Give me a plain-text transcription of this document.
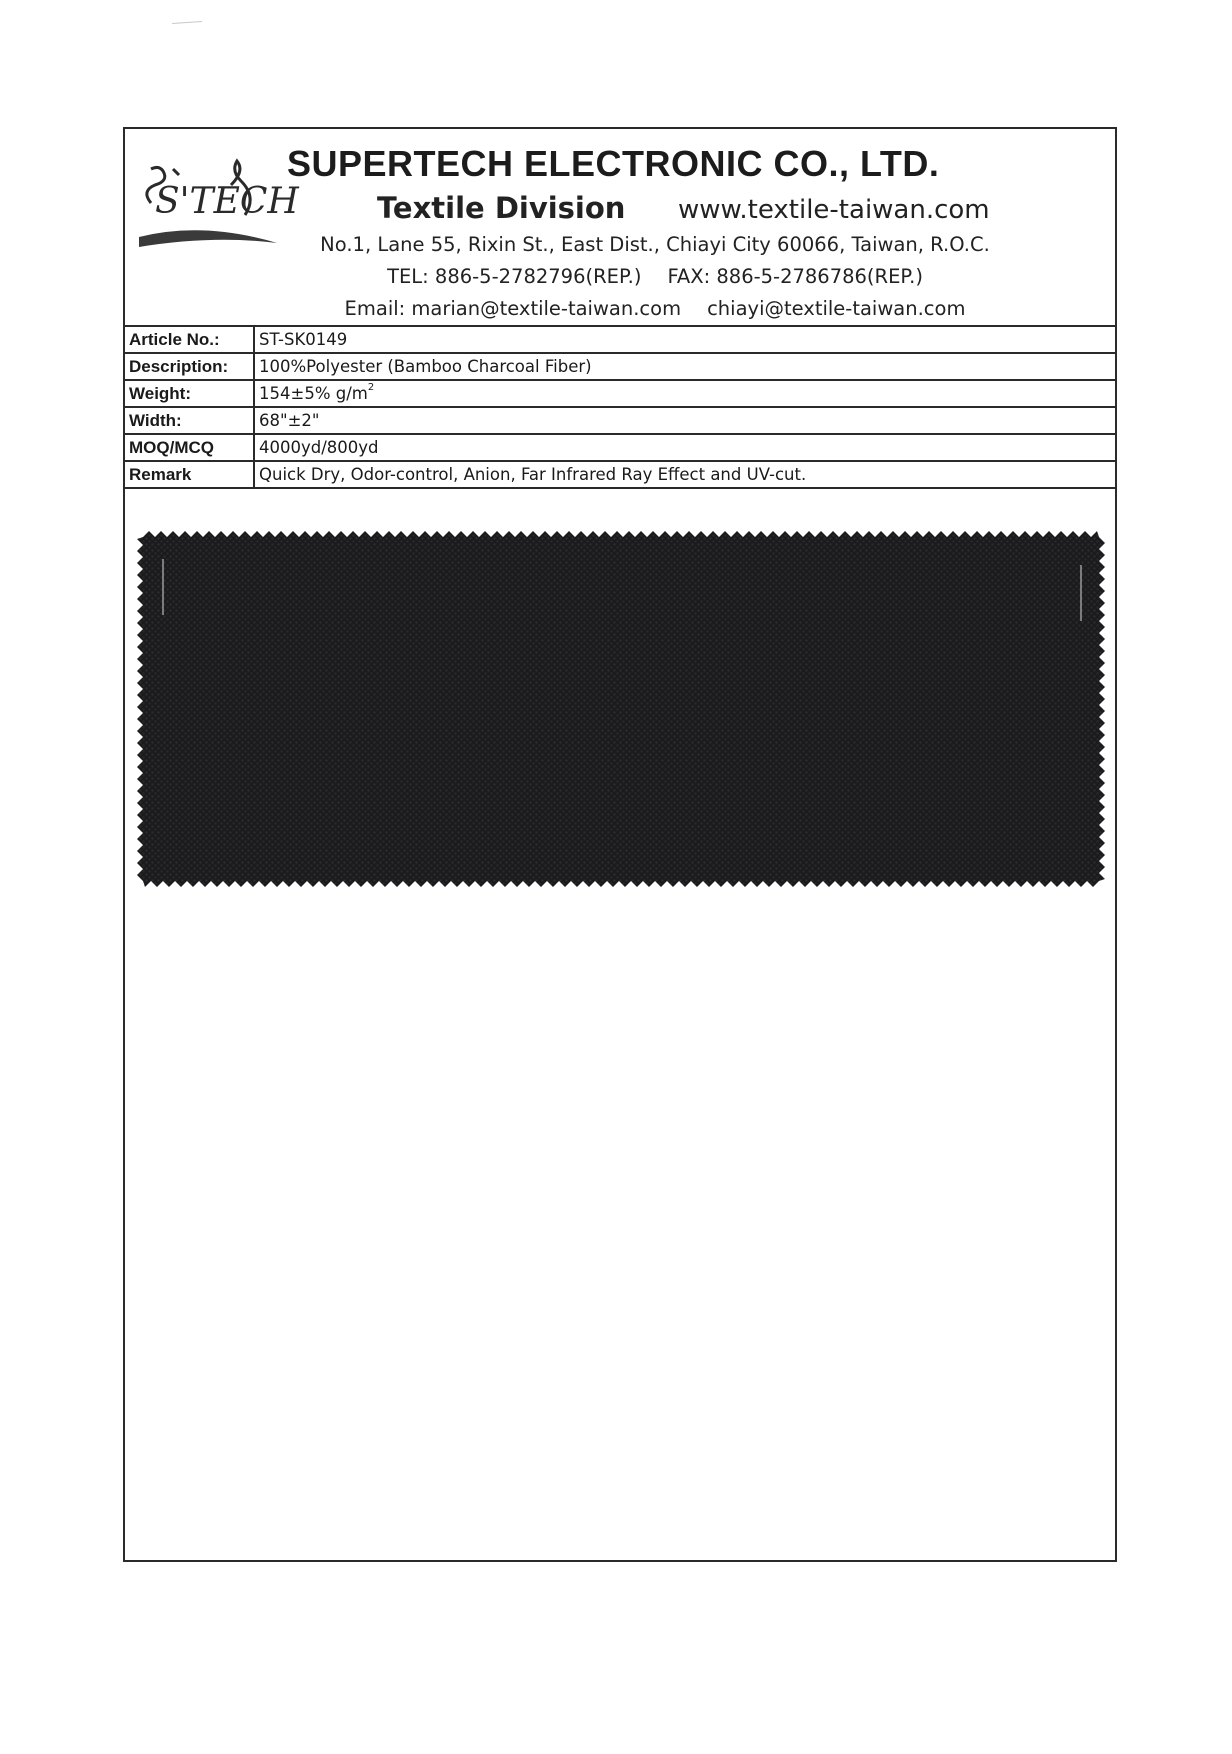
S'TECH
SUPERTECH ELECTRONIC CO., LTD.
Textile Division www.textile-taiwan.com
No.1, Lane 55, Rixin St., East Dist., Chiayi City 60066, Taiwan, R.O.C.
TEL: 886-5-2782796(REP.) FAX: 886-5-2786786(REP.)
Email: marian@textile-taiwan.com chiayi@textile-taiwan.com
Article No.:	ST-SK0149
Description:	100%Polyester (Bamboo Charcoal Fiber)
Weight:	154±5% $g/m^2$
Width:	68"±2"
MOQ/MCQ	4000yd/800yd
Remark	Quick Dry, Odor-control, Anion, Far Infrared Ray Effect and UV-cut.
